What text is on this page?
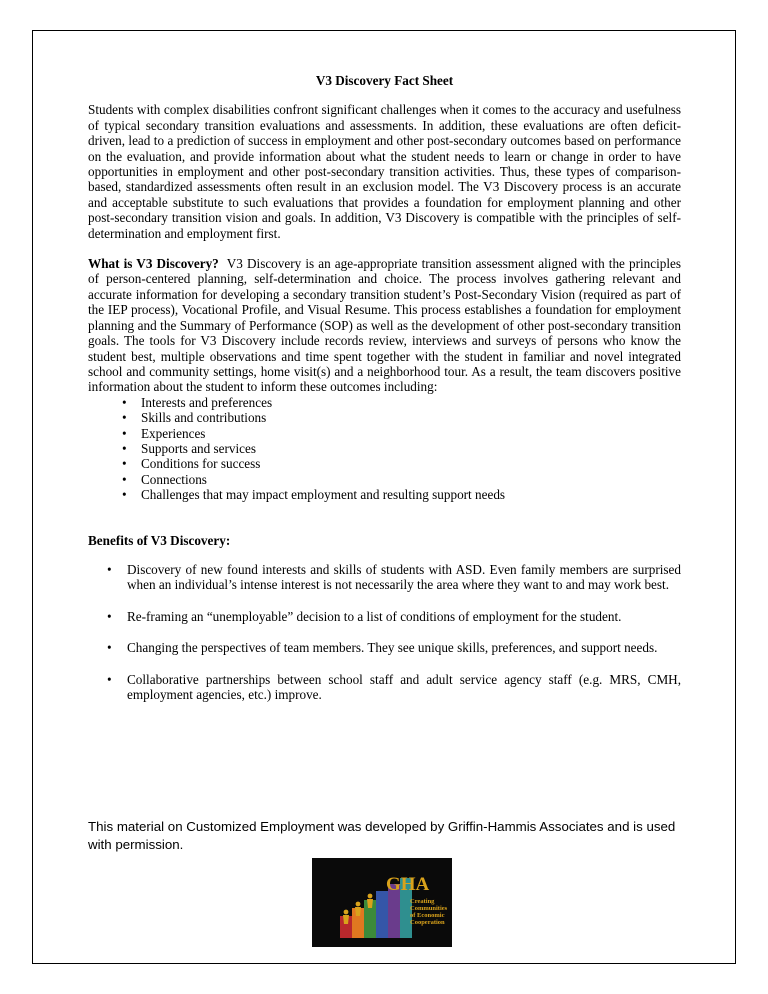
V3 Discovery Fact Sheet

Students with complex disabilities confront significant challenges when it comes to the accuracy and usefulness of typical secondary transition evaluations and assessments. In addition, these evaluations are often deficit-driven, lead to a prediction of success in employment and other post-secondary outcomes based on performance on the evaluation, and provide information about what the student needs to learn or change in order to have opportunities in employment and other post-secondary transition activities. Thus, these types of comparison-based, standardized assessments often result in an exclusion model. The V3 Discovery process is an accurate and acceptable substitute to such evaluations that provides a foundation for employment planning and other post-secondary transition vision and goals. In addition, V3 Discovery is compatible with the principles of self-determination and employment first.

What is V3 Discovery? V3 Discovery is an age-appropriate transition assessment aligned with the principles of person-centered planning, self-determination and choice. The process involves gathering relevant and accurate information for developing a secondary transition student’s Post-Secondary Vision (required as part of the IEP process), Vocational Profile, and Visual Resume. This process establishes a foundation for employment planning and the Summary of Performance (SOP) as well as the development of other post-secondary transition goals. The tools for V3 Discovery include records review, interviews and surveys of persons who know the student best, multiple observations and time spent together with the student in familiar and novel integrated school and community settings, home visit(s) and a neighborhood tour. As a result, the team discovers positive information about the student to inform these outcomes including:

• Interests and preferences
• Skills and contributions
• Experiences
• Supports and services
• Conditions for success
• Connections
• Challenges that may impact employment and resulting support needs
Benefits of V3 Discovery:
• Discovery of new found interests and skills of students with ASD. Even family members are surprised when an individual’s intense interest is not necessarily the area where they want to and may work best.
• Re-framing an “unemployable” decision to a list of conditions of employment for the student.
• Changing the perspectives of team members. They see unique skills, preferences, and support needs.
• Collaborative partnerships between school staff and adult service agency staff (e.g. MRS, CMH, employment agencies, etc.) improve.
This material on Customized Employment was developed by Griffin-Hammis Associates and is used with permission.
GHA
Creating
Communities
of Economic
Cooperation
